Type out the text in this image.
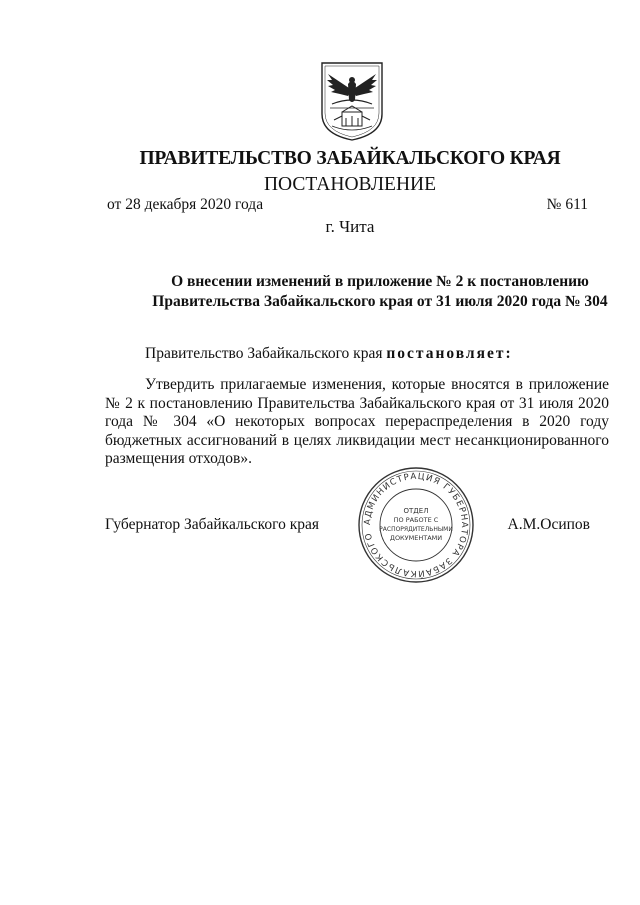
ПРАВИТЕЛЬСТВО ЗАБАЙКАЛЬСКОГО КРАЯ
ПОСТАНОВЛЕНИЕ
от 28 декабря 2020 года	№ 611
г. Чита
О внесении изменений в приложение № 2 к постановлению
Правительства Забайкальского края от 31 июля 2020 года № 304
Правительство Забайкальского края постановляет:

Утвердить прилагаемые изменения, которые вносятся в приложение № 2 к постановлению Правительства Забайкальского края от 31 июля 2020 года № 304 «О некоторых вопросах перераспределения в 2020 году бюджетных ассигнований в целях ликвидации мест несанкционированного размещения отходов».

Губернатор Забайкальского края	А.М.Осипов
АДМИНИСТРАЦИЯ ГУБЕРНАТОРА ЗАБАЙКАЛЬСКОГО
ОТДЕЛ
ПО РАБОТЕ С
РАСПОРЯДИТЕЛЬНЫМИ
ДОКУМЕНТАМИ
